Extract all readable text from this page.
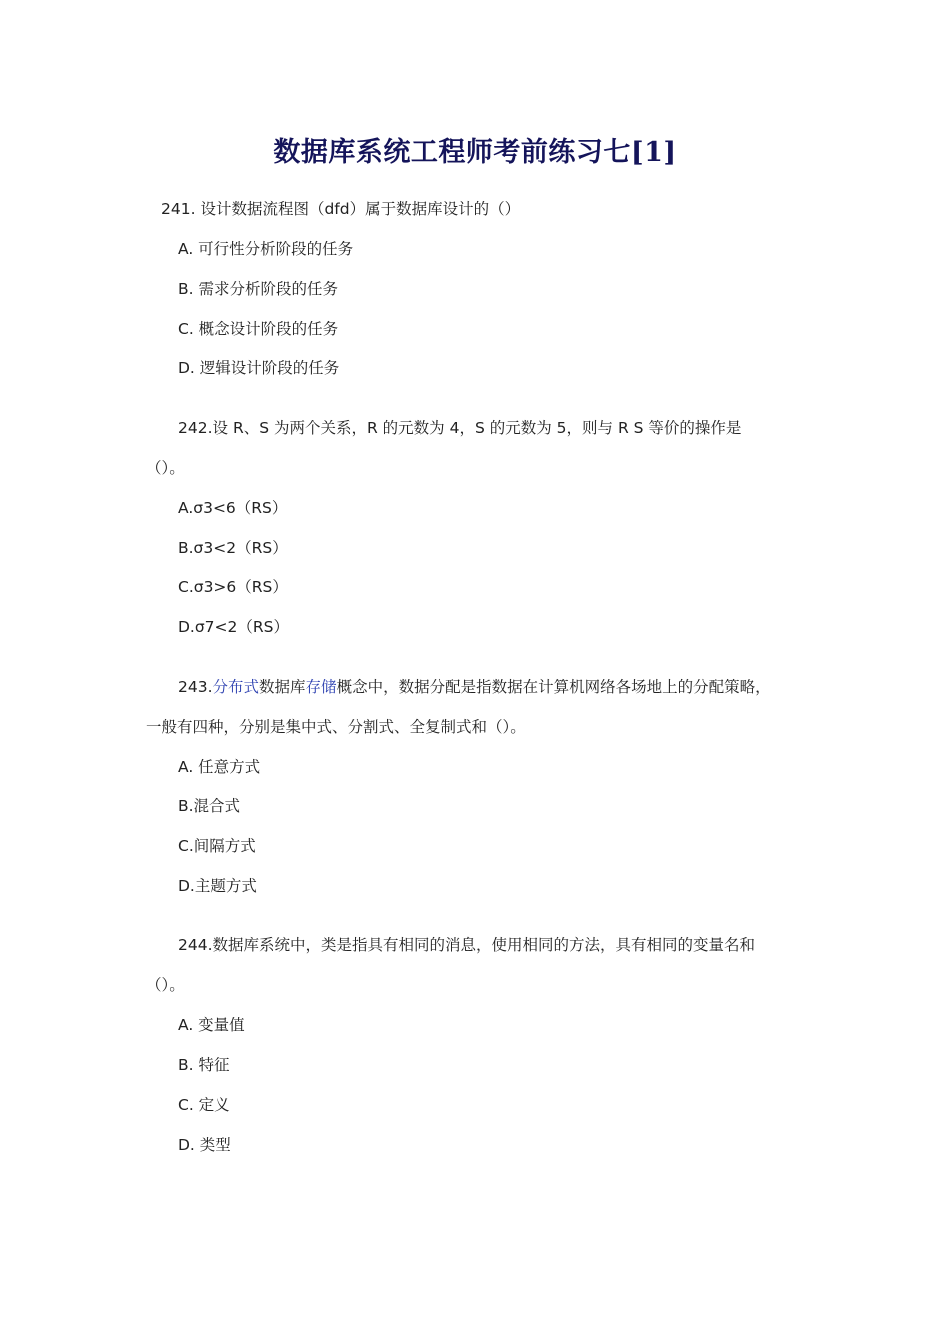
数据库系统工程师考前练习七[1]

241. 设计数据流程图（dfd）属于数据库设计的（）

A. 可行性分析阶段的任务

B. 需求分析阶段的任务

C. 概念设计阶段的任务

D. 逻辑设计阶段的任务

242.设 R、S 为两个关系，R 的元数为 4，S 的元数为 5，则与 R S 等价的操作是

（）。

A.σ3<6（RS）

B.σ3<2（RS）

C.σ3>6（RS）

D.σ7<2（RS）

243.分布式数据库存储概念中，数据分配是指数据在计算机网络各场地上的分配策略，

一般有四种，分别是集中式、分割式、全复制式和（）。

A. 任意方式

B.混合式

C.间隔方式

D.主题方式

244.数据库系统中，类是指具有相同的消息，使用相同的方法，具有相同的变量名和

（）。

A. 变量值

B. 特征

C. 定义

D. 类型
